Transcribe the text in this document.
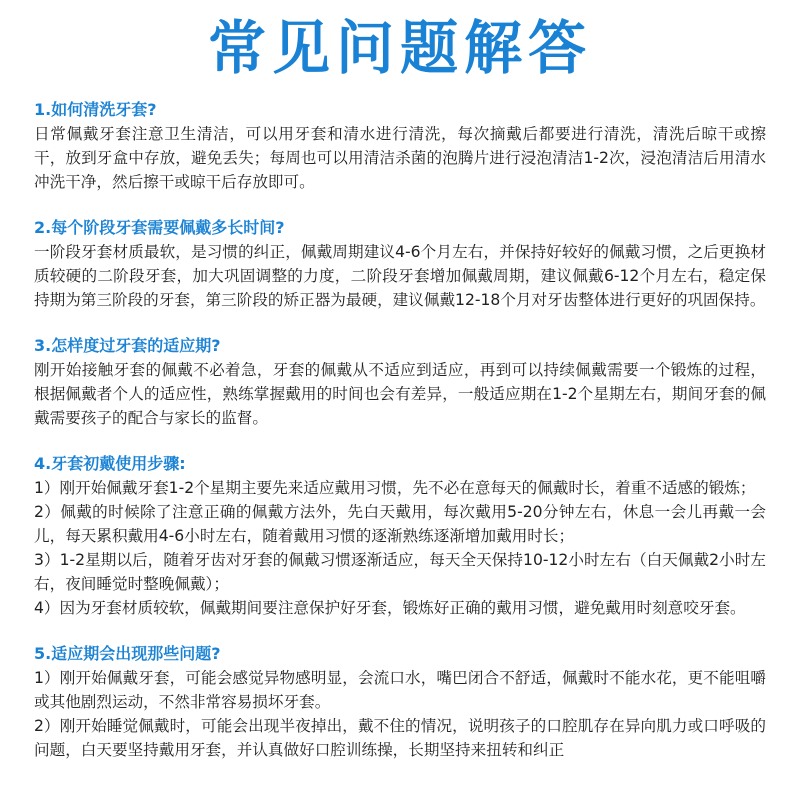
常见问题解答

1.如何清洗牙套?

日常佩戴牙套注意卫生清洁，可以用牙套和清水进行清洗，每次摘戴后都要进行清洗，清洗后晾干或擦干，放到牙盒中存放，避免丢失；每周也可以用清洁杀菌的泡腾片进行浸泡清洁1-2次，浸泡清洁后用清水冲洗干净，然后擦干或晾干后存放即可。

2.每个阶段牙套需要佩戴多长时间?

一阶段牙套材质最软，是习惯的纠正，佩戴周期建议4-6个月左右，并保持好较好的佩戴习惯，之后更换材质较硬的二阶段牙套，加大巩固调整的力度，二阶段牙套增加佩戴周期，建议佩戴6-12个月左右，稳定保持期为第三阶段的牙套，第三阶段的矫正器为最硬，建议佩戴12-18个月对牙齿整体进行更好的巩固保持。

3.怎样度过牙套的适应期?

刚开始接触牙套的佩戴不必着急，牙套的佩戴从不适应到适应，再到可以持续佩戴需要一个锻炼的过程，根据佩戴者个人的适应性，熟练掌握戴用的时间也会有差异，一般适应期在1-2个星期左右，期间牙套的佩戴需要孩子的配合与家长的监督。

4.牙套初戴使用步骤:

1）刚开始佩戴牙套1-2个星期主要先来适应戴用习惯，先不必在意每天的佩戴时长，着重不适感的锻炼；

2）佩戴的时候除了注意正确的佩戴方法外，先白天戴用，每次戴用5-20分钟左右，休息一会儿再戴一会儿，每天累积戴用4-6小时左右，随着戴用习惯的逐渐熟练逐渐增加戴用时长；

3）1-2星期以后，随着牙齿对牙套的佩戴习惯逐渐适应，每天全天保持10-12小时左右（白天佩戴2小时左右，夜间睡觉时整晚佩戴）；

4）因为牙套材质较软，佩戴期间要注意保护好牙套，锻炼好正确的戴用习惯，避免戴用时刻意咬牙套。

5.适应期会出现那些问题?

1）刚开始佩戴牙套，可能会感觉异物感明显，会流口水，嘴巴闭合不舒适，佩戴时不能水花，更不能咀嚼或其他剧烈运动，不然非常容易损坏牙套。

2）刚开始睡觉佩戴时，可能会出现半夜掉出，戴不住的情况，说明孩子的口腔肌存在异向肌力或口呼吸的问题，白天要坚持戴用牙套，并认真做好口腔训练操，长期坚持来扭转和纠正
